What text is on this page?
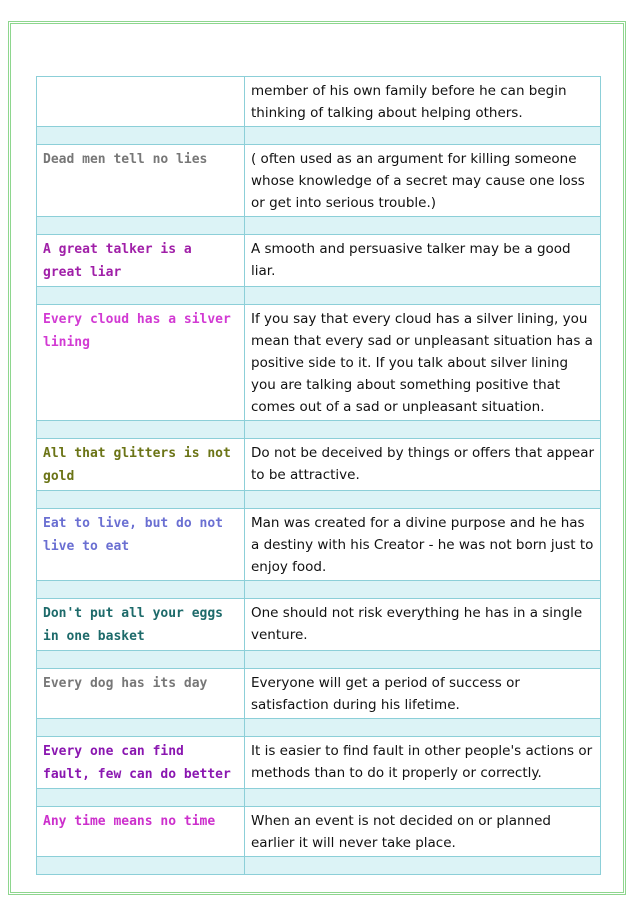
	member of his own family before he can begin thinking of talking about helping others.

Dead men tell no lies	( often used as an argument for killing someone whose knowledge of a secret may cause one loss or get into serious trouble.)

A great talker is a great liar	A smooth and persuasive talker may be a good liar.

Every cloud has a silver lining	If you say that every cloud has a silver lining, you mean that every sad or unpleasant situation has a positive side to it. If you talk about silver lining you are talking about something positive that comes out of a sad or unpleasant situation.

All that glitters is not gold	Do not be deceived by things or offers that appear to be attractive.

Eat to live, but do not live to eat	Man was created for a divine purpose and he has a destiny with his Creator - he was not born just to enjoy food.

Don't put all your eggs in one basket	One should not risk everything he has in a single venture.

Every dog has its day	Everyone will get a period of success or satisfaction during his lifetime.

Every one can find fault, few can do better	It is easier to find fault in other people's actions or methods than to do it properly or correctly.

Any time means no time	When an event is not decided on or planned earlier it will never take place.
